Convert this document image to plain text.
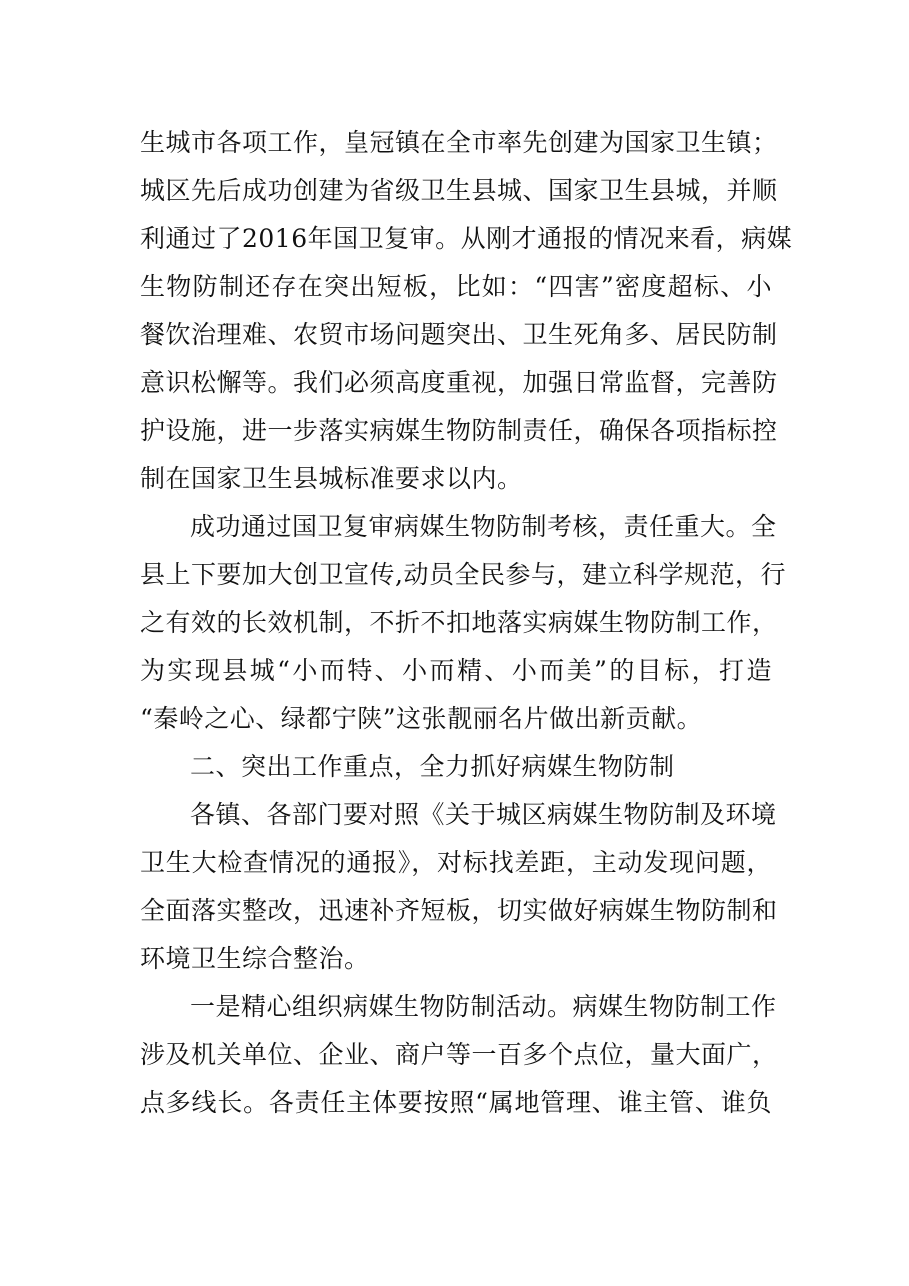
生城市各项工作，皇冠镇在全市率先创建为国家卫生镇；
城区先后成功创建为省级卫生县城、国家卫生县城，并顺
利通过了2016年国卫复审。从刚才通报的情况来看，病媒
生物防制还存在突出短板，比如：“四害”密度超标、小
餐饮治理难、农贸市场问题突出、卫生死角多、居民防制
意识松懈等。我们必须高度重视，加强日常监督，完善防
护设施，进一步落实病媒生物防制责任，确保各项指标控
制在国家卫生县城标准要求以内。
成功通过国卫复审病媒生物防制考核，责任重大。全
县上下要加大创卫宣传,动员全民参与，建立科学规范，行
之有效的长效机制，不折不扣地落实病媒生物防制工作，
为实现县城“小而特、小而精、小而美”的目标，打造
“秦岭之心、绿都宁陕”这张靓丽名片做出新贡献。
二、突出工作重点，全力抓好病媒生物防制
各镇、各部门要对照《关于城区病媒生物防制及环境
卫生大检查情况的通报》，对标找差距，主动发现问题，
全面落实整改，迅速补齐短板，切实做好病媒生物防制和
环境卫生综合整治。
一是精心组织病媒生物防制活动。病媒生物防制工作
涉及机关单位、企业、商户等一百多个点位，量大面广，
点多线长。各责任主体要按照“属地管理、谁主管、谁负
